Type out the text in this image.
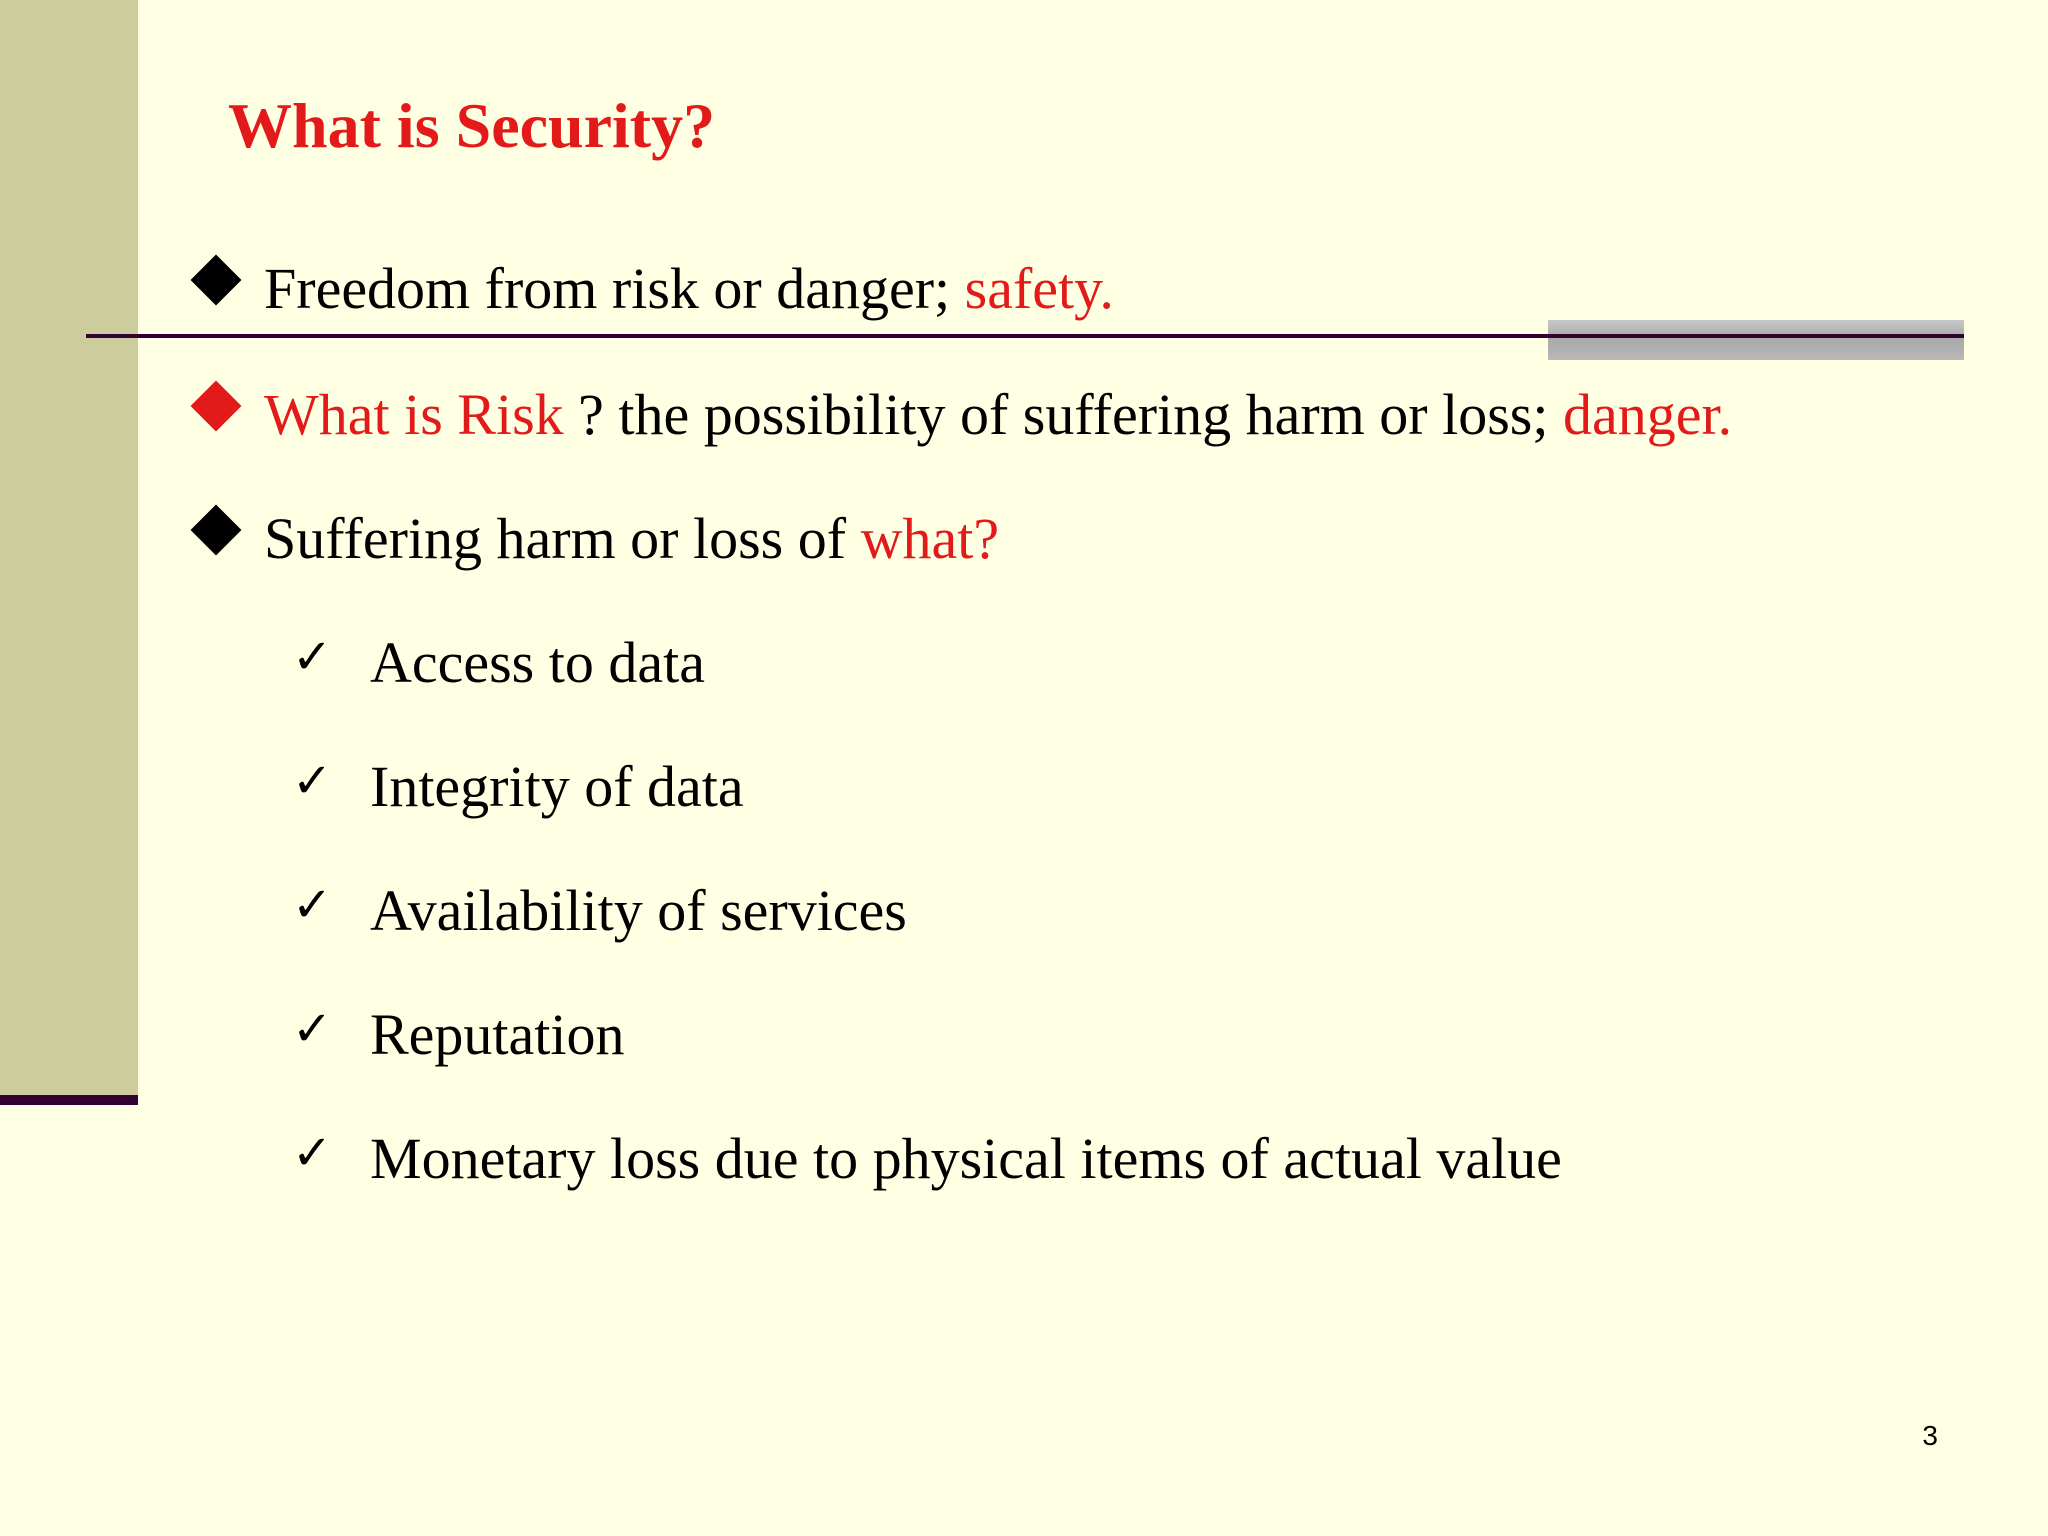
What is Security?
Freedom from risk or danger; safety.
What is Risk ? the possibility of suffering harm or loss; danger.
Suffering harm or loss of what?
✓ Access to data
✓ Integrity of data
✓ Availability of services
✓ Reputation
✓ Monetary loss due to physical items of actual value
3
